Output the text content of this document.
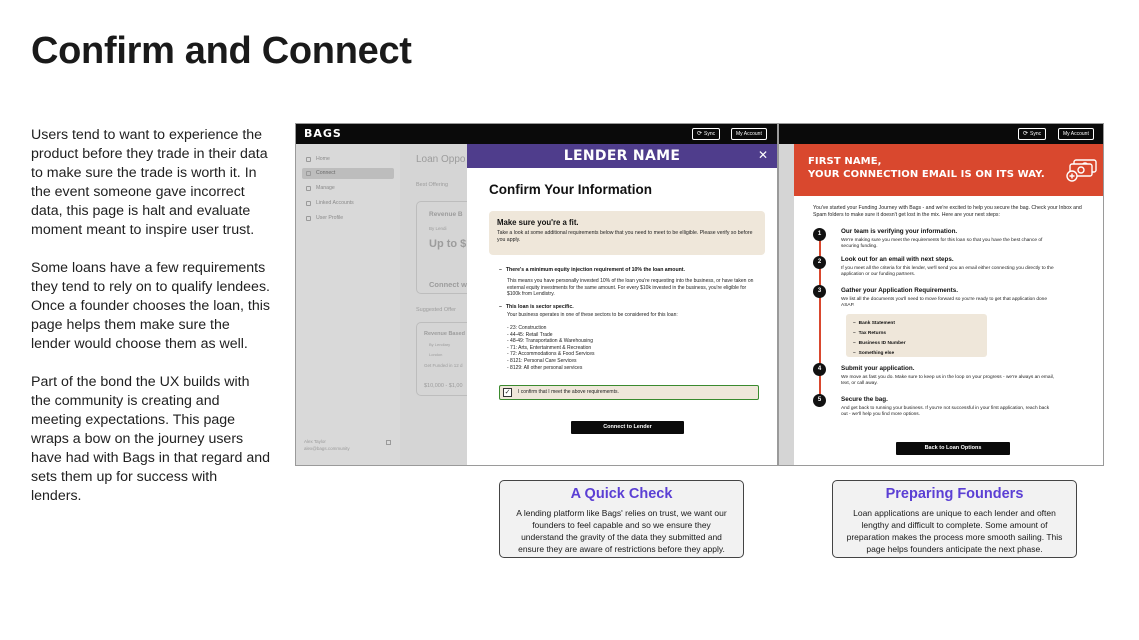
Confirm and Connect

Users tend to want to experience the product before they trade in their data to make sure the trade is worth it. In the event someone gave incorrect data, this page is halt and evaluate moment meant to inspire user trust.

Some loans have a few requirements they tend to rely on to qualify lendees. Once a founder chooses the loan, this page helps them make sure the lender would choose them as well.

Part of the bond the UX builds with the community is creating and meeting expectations. This page wraps a bow on the journey users have had with Bags in that regard and sets them up for success with lenders.

BAGS	⟳ Sync	My Account
Home
Connect
Manage
Linked Accounts
User Profile
Alex Taylor
alex@bags.community
Loan Oppo
Best Offering
Revenue B
By Lendi
Up to $
Connect w
Suggested Offer
Revenue Based
By Lendiary
London
Get Funded in 12 d
$10,000 - $1,00
LENDER NAME	✕
Confirm Your Information
Make sure you're a fit.
Take a look at some additional requirements below that you need to meet to be elligible. Please verify so before you apply.
– There's a minimum equity injection requirement of 10% the loan amount.
This means you have personally invested 10% of the loan you're requesting into the business, or have taken on external equity investments for the same amount. For every $10k invested in the business, you're eligible for $100k from Lendistry.
– This loan is sector specific.
Your business operates in one of these sectors to be considered for this loan:
- 23: Construction
- 44-45: Retail Trade
- 48-49: Transportation & Warehousing
- 71: Arts, Entertainment & Recreation
- 72: Accommodations & Food Services
- 8121: Personal Care Services
- 8129: All other personal services
✓	I confirm that I meet the above requirememts.
Connect to Lender
⟳ Sync	My Account
FIRST NAME,
YOUR CONNECTION EMAIL IS ON ITS WAY.
You've started your Funding Journey with Bags - and we're excited to help you secure the bag. Check your Inbox and Spam folders to make sure it doesn't get lost in the mix. Here are your next steps:
1	Our team is verifying your information.
We're making sure you meet the requirements for this loan so that you have the best chance of securing funding.
2	Look out for an email with next steps.
If you meet all the criteria for this lender, we'll send you an email either connecting you directly to the application or our funding partners.
3	Gather your Application Requirements.
We list all the documents you'll need to move forward so you're ready to get that application done ASAP.
– Bank Statement
– Tax Returns
– Business ID Number
– Something else
4	Submit your application.
We move as fast you do. Make sure to keep us in the loop on your progress - we're always an email, text, or call away.
5	Secure the bag.
And get back to running your business. If you're not successful in your first application, reach back out - we'll help you find more options.
Back to Loan Options
A Quick Check
A lending platform like Bags' relies on trust, we want our founders to feel capable and so we ensure they understand the gravity of the data they submitted and ensure they are aware of restrictions before they apply.
Preparing Founders
Loan applications are unique to each lender and often lengthy and difficult to complete. Some amount of preparation makes the process more smooth sailing. This page helps founders anticipate the next phase.
